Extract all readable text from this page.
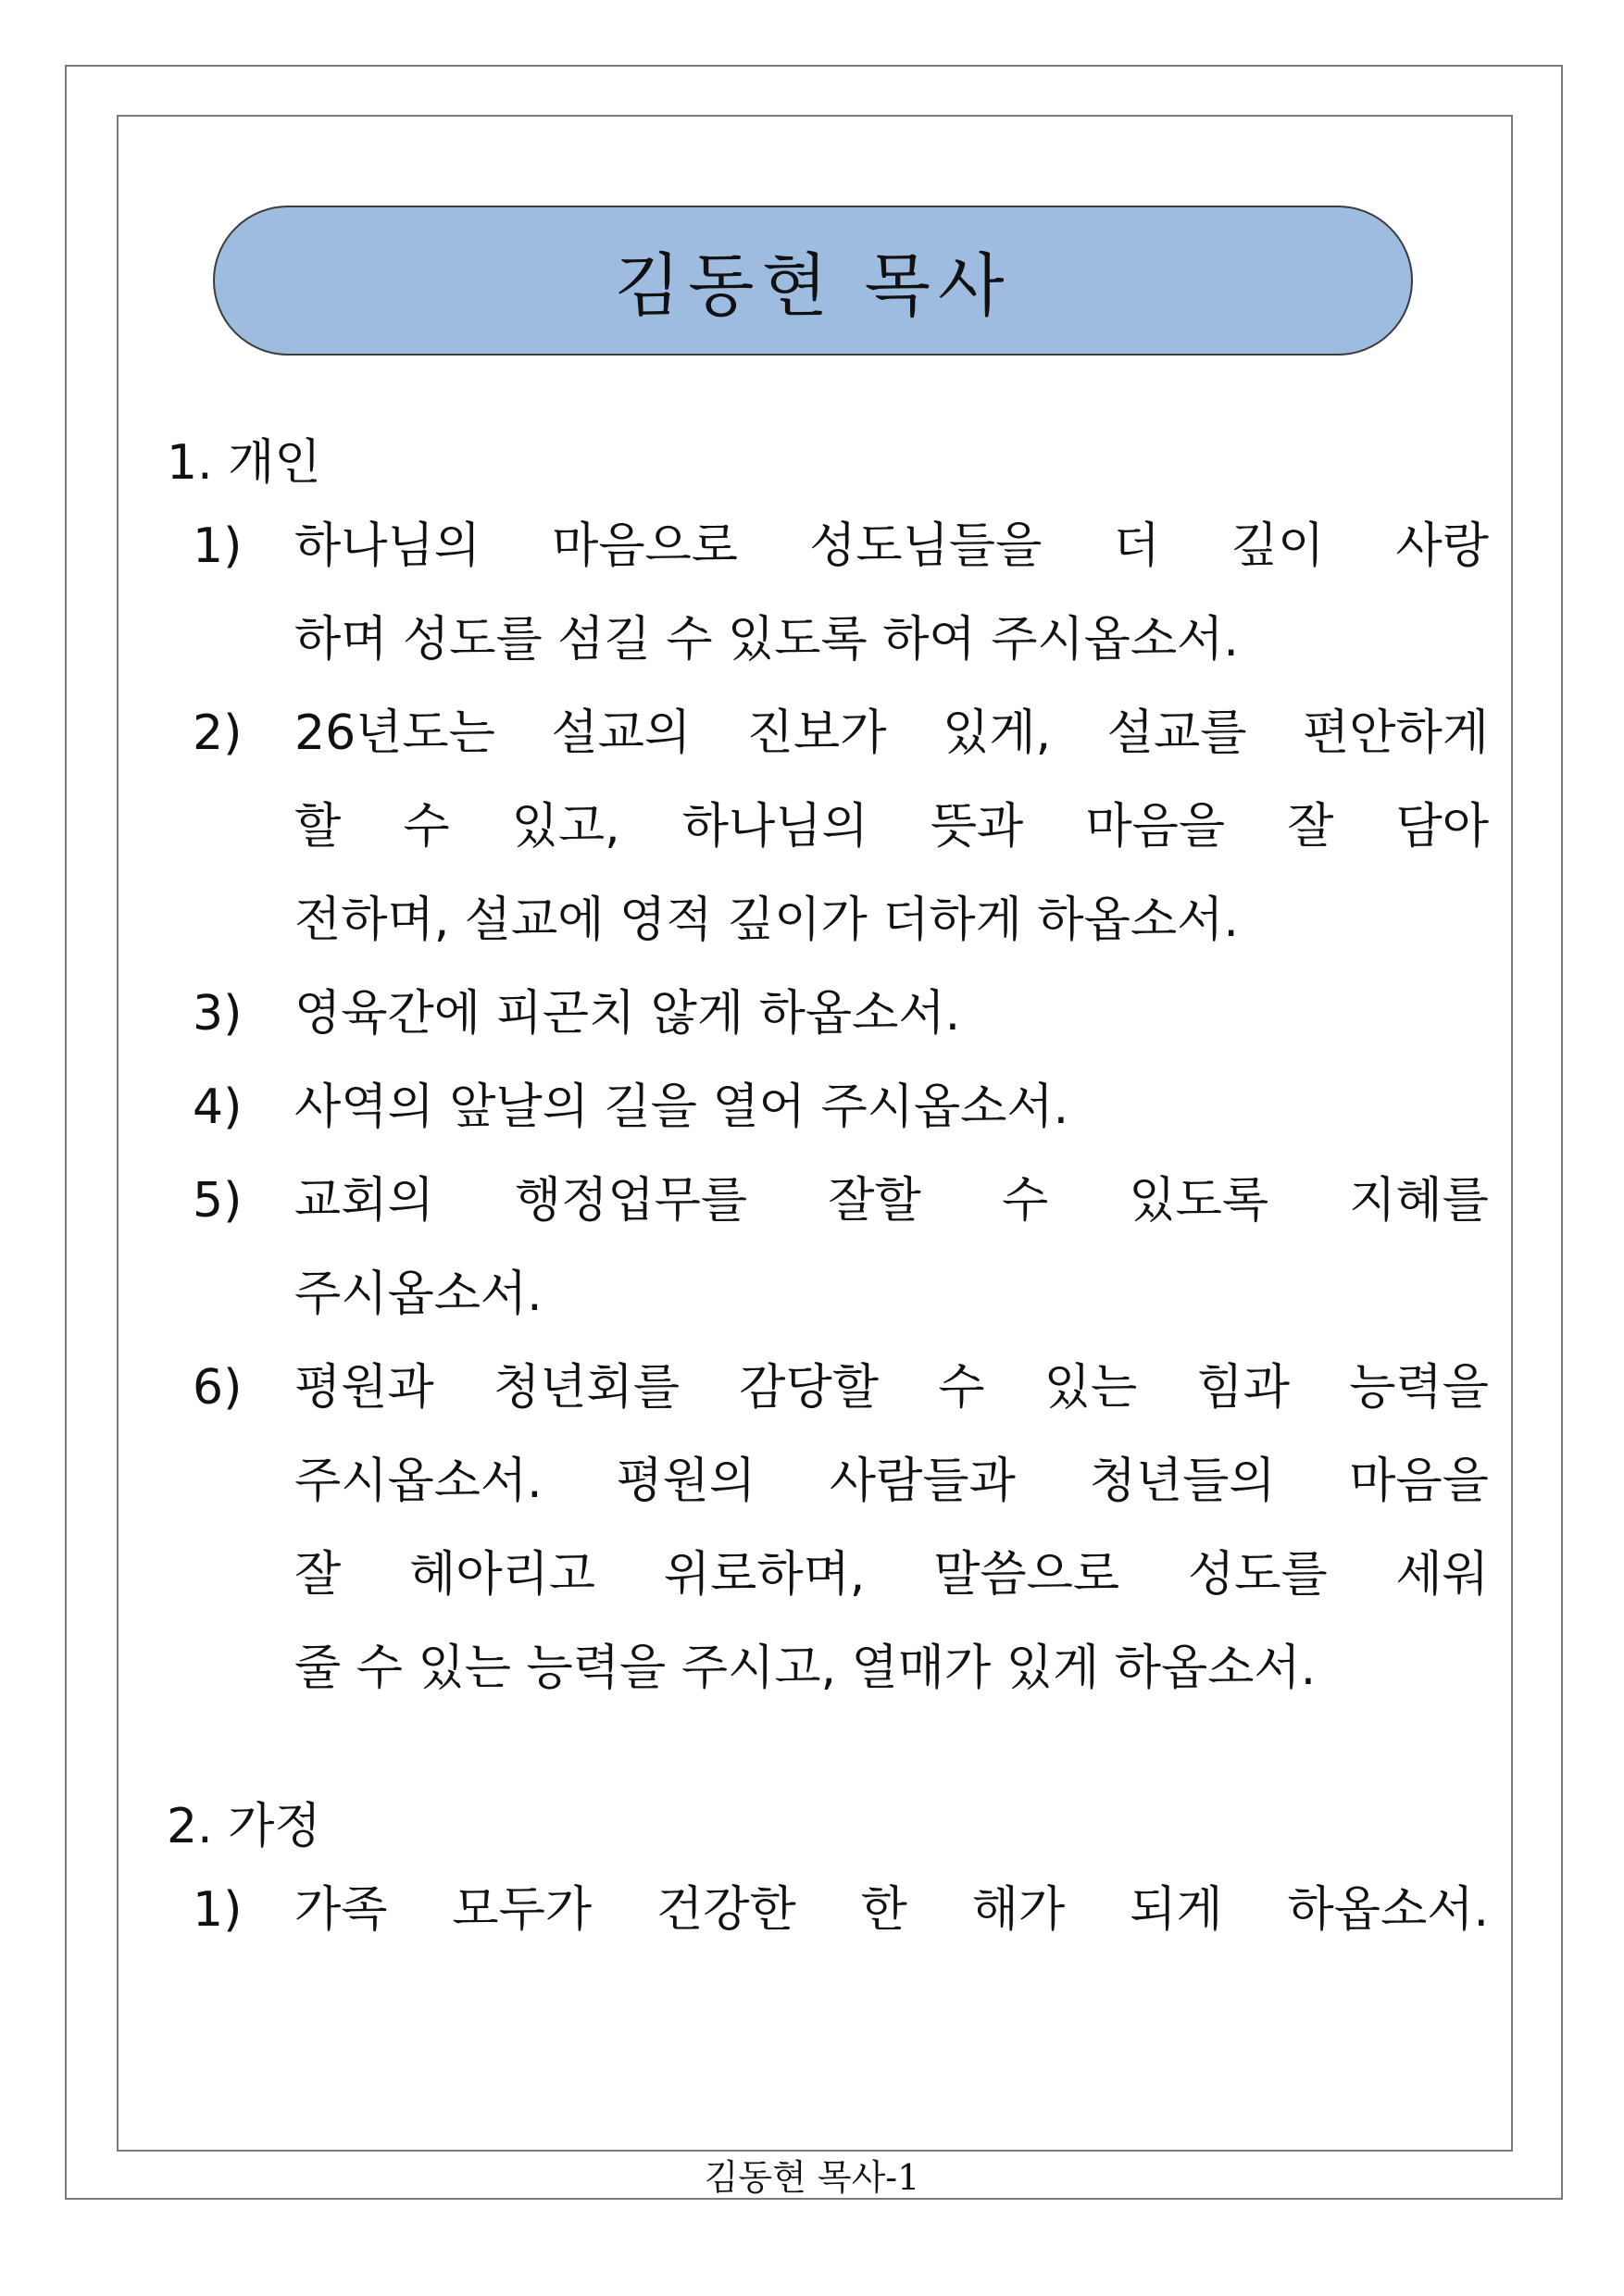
김동현 목사
1. 개인
1) 하나님의 마음으로 성도님들을 더 깊이 사랑
하며 성도를 섬길 수 있도록 하여 주시옵소서.
2) 26년도는 설교의 진보가 있게, 설교를 편안하게
할 수 있고, 하나님의 뜻과 마음을 잘 담아
전하며, 설교에 영적 깊이가 더하게 하옵소서.
3) 영육간에 피곤치 않게 하옵소서.
4) 사역의 앞날의 길을 열어 주시옵소서.
5) 교회의 행정업무를 잘할 수 있도록 지혜를
주시옵소서.
6) 평원과 청년회를 감당할 수 있는 힘과 능력을
주시옵소서. 평원의 사람들과 청년들의 마음을
잘 헤아리고 위로하며, 말씀으로 성도를 세워
줄 수 있는 능력을 주시고, 열매가 있게 하옵소서.
2. 가정
1) 가족 모두가 건강한 한 해가 되게 하옵소서.
김동현 목사-1
